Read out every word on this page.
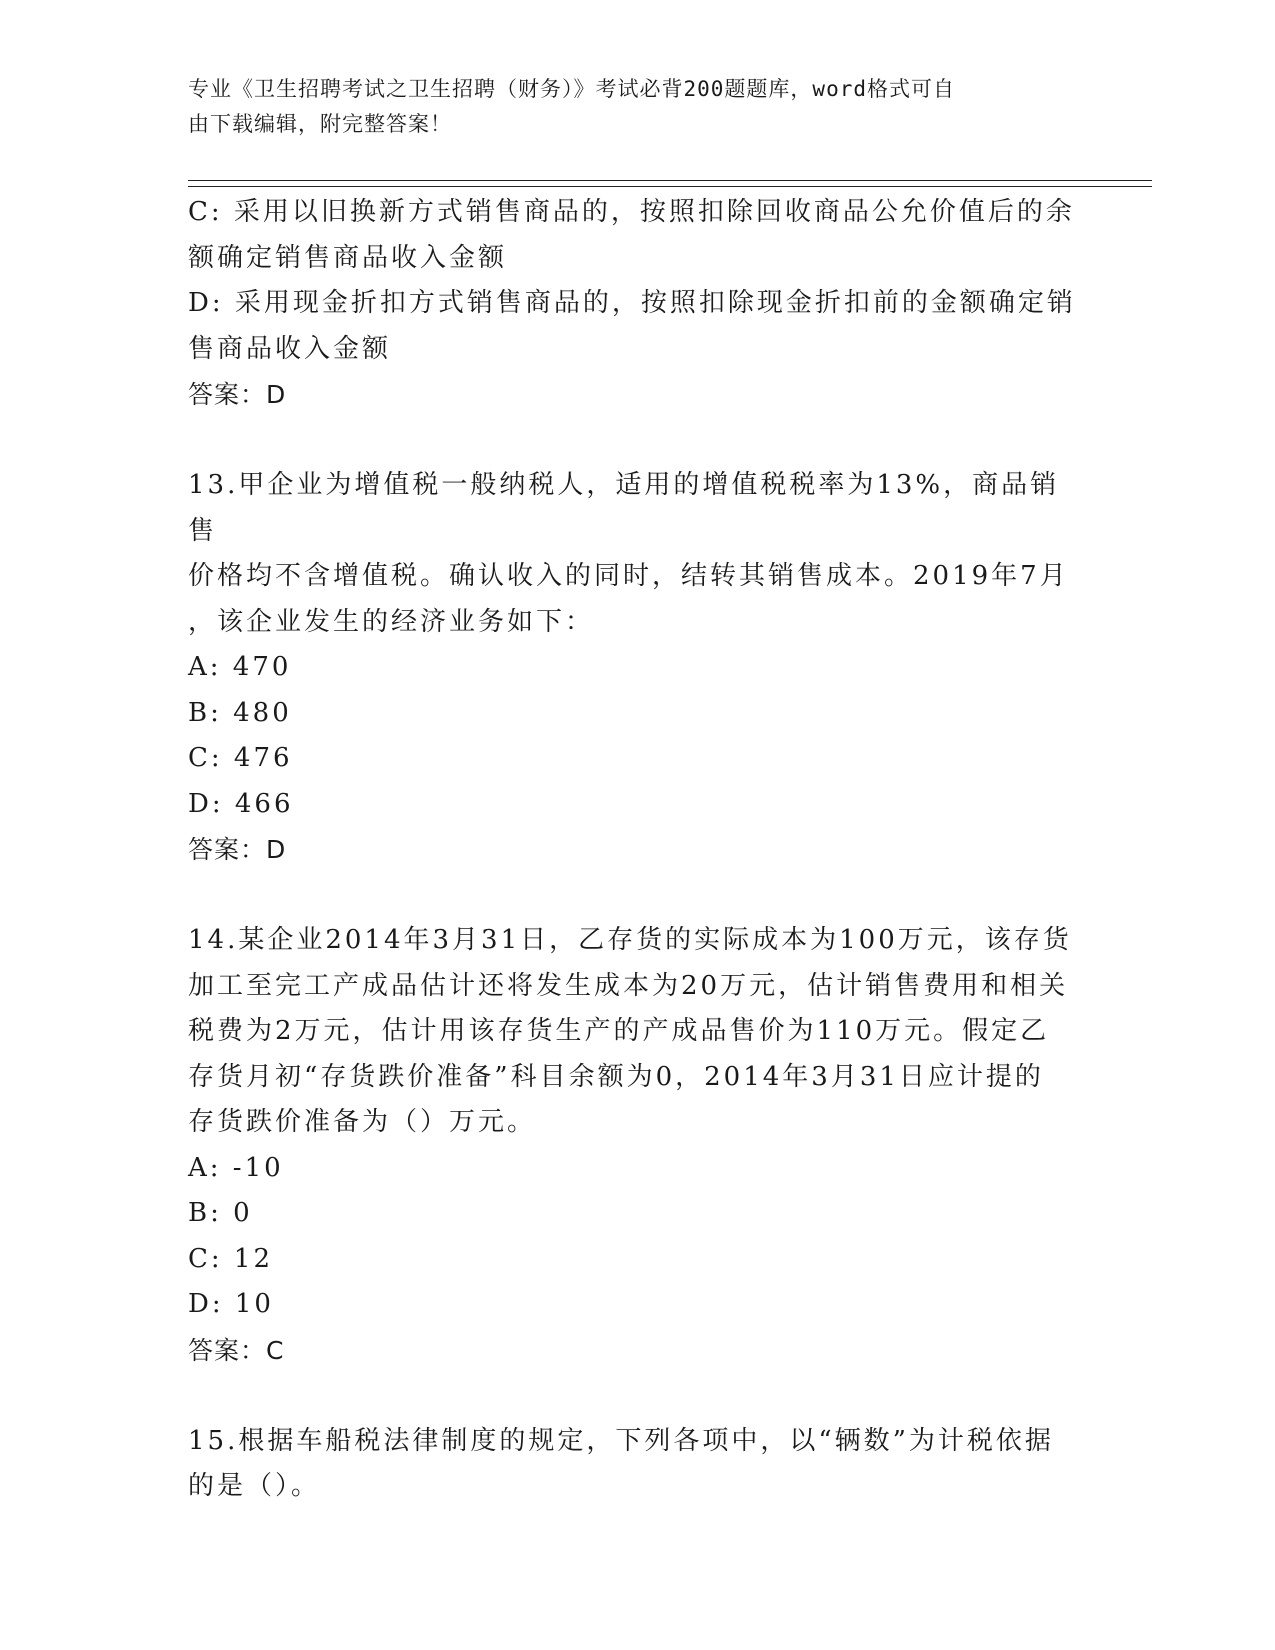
专业《卫生招聘考试之卫生招聘（财务）》考试必背200题题库，word格式可自
由下载编辑，附完整答案！
C: 采用以旧换新方式销售商品的，按照扣除回收商品公允价值后的余
额确定销售商品收入金额
D: 采用现金折扣方式销售商品的，按照扣除现金折扣前的金额确定销
售商品收入金额
答案：D
13.甲企业为增值税一般纳税人，适用的增值税税率为13%，商品销售
价格均不含增值税。确认收入的同时，结转其销售成本。2019年7月
，该企业发生的经济业务如下：
A: 470
B: 480
C: 476
D: 466
答案：D
14.某企业2014年3月31日，乙存货的实际成本为100万元，该存货
加工至完工产成品估计还将发生成本为20万元，估计销售费用和相关
税费为2万元，估计用该存货生产的产成品售价为110万元。假定乙
存货月初“存货跌价准备”科目余额为0，2014年3月31日应计提的
存货跌价准备为（）万元。
A: -10
B: 0
C: 12
D: 10
答案：C
15.根据车船税法律制度的规定，下列各项中，以“辆数”为计税依据
的是（）。
